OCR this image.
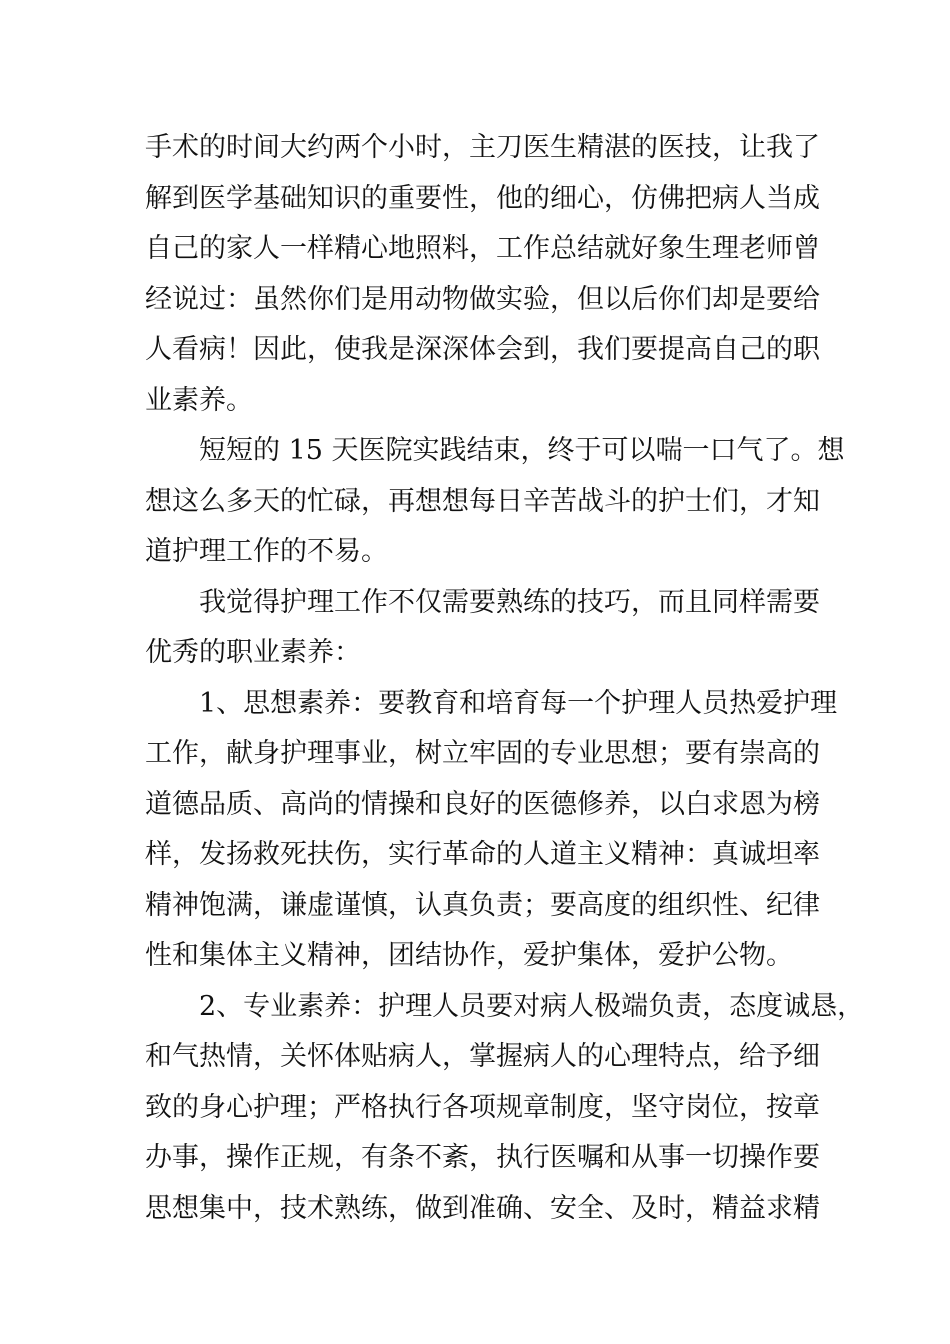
手术的时间大约两个小时，主刀医生精湛的医技，让我了
解到医学基础知识的重要性，他的细心，仿佛把病人当成
自己的家人一样精心地照料，工作总结就好象生理老师曾
经说过：虽然你们是用动物做实验，但以后你们却是要给
人看病！因此，使我是深深体会到，我们要提高自己的职
业素养。
　　短短的 15 天医院实践结束，终于可以喘一口气了。想
想这么多天的忙碌，再想想每日辛苦战斗的护士们，才知
道护理工作的不易。
　　我觉得护理工作不仅需要熟练的技巧，而且同样需要
优秀的职业素养：
　　1、思想素养：要教育和培育每一个护理人员热爱护理
工作，献身护理事业，树立牢固的专业思想；要有崇高的
道德品质、高尚的情操和良好的医德修养，以白求恩为榜
样，发扬救死扶伤，实行革命的人道主义精神：真诚坦率
精神饱满，谦虚谨慎，认真负责；要高度的组织性、纪律
性和集体主义精神，团结协作，爱护集体，爱护公物。
　　2、专业素养：护理人员要对病人极端负责，态度诚恳，
和气热情，关怀体贴病人，掌握病人的心理特点，给予细
致的身心护理；严格执行各项规章制度，坚守岗位，按章
办事，操作正规，有条不紊，执行医嘱和从事一切操作要
思想集中，技术熟练，做到准确、安全、及时，精益求精
